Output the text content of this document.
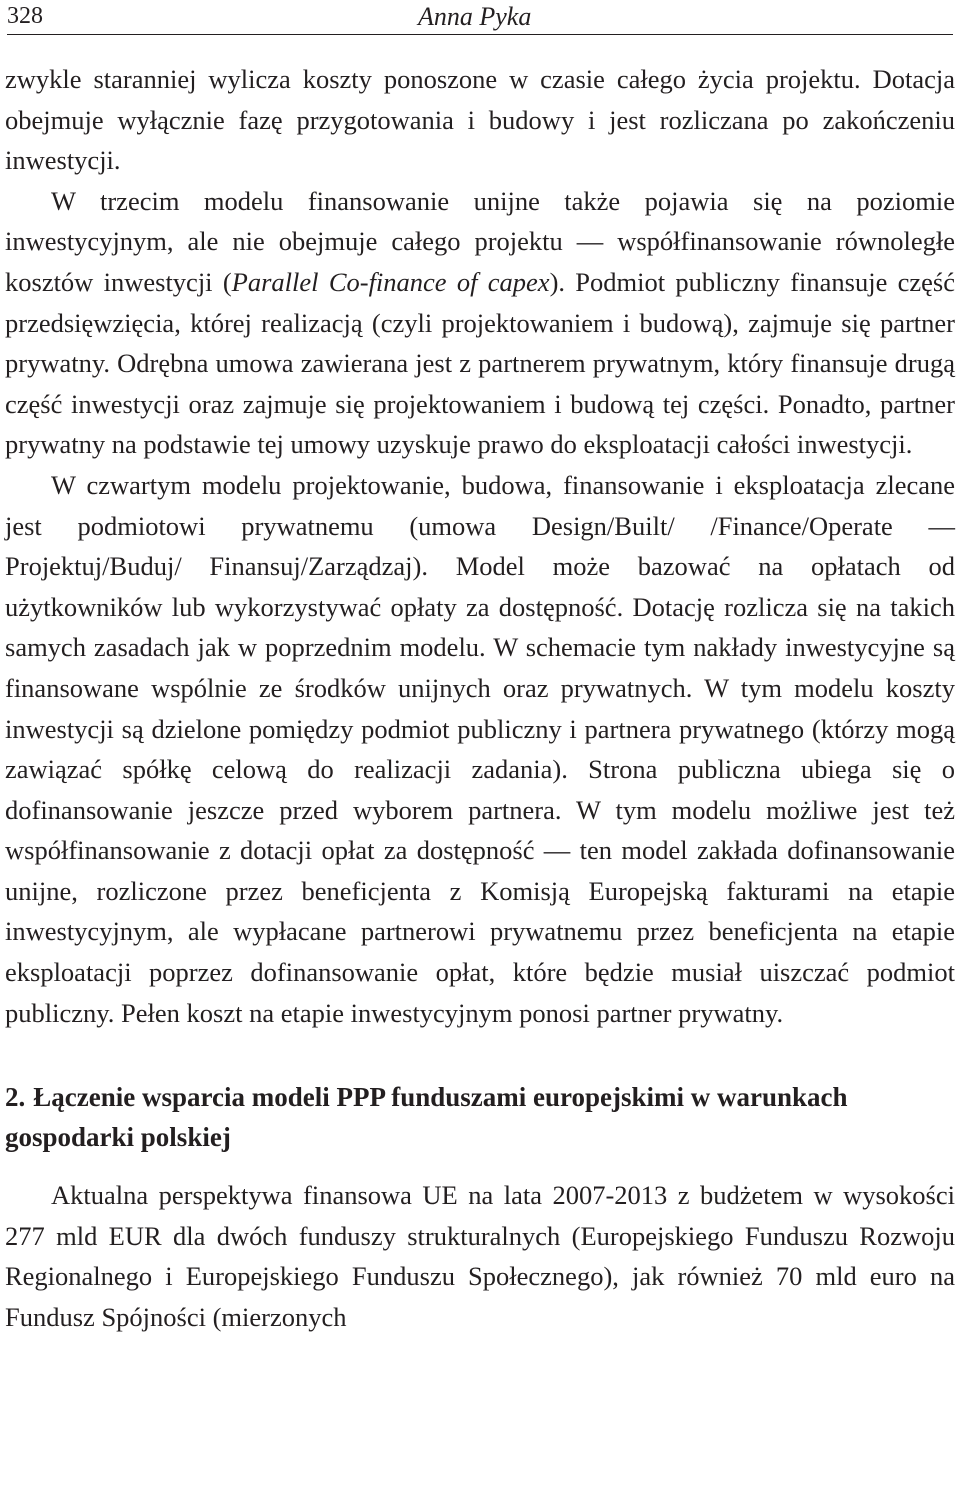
328	Anna Pyka

zwykle staranniej wylicza koszty ponoszone w czasie całego życia projektu. Dotacja obejmuje wyłącznie fazę przygotowania i budowy i jest rozliczana po zakończeniu inwestycji.

W trzecim modelu finansowanie unijne także pojawia się na poziomie inwestycyjnym, ale nie obejmuje całego projektu — współfinansowanie równoległe kosztów inwestycji (Parallel Co-finance of capex). Podmiot publiczny finansuje część przedsięwzięcia, której realizacją (czyli projektowaniem i budową), zajmuje się partner prywatny. Odrębna umowa zawierana jest z partnerem prywatnym, który finansuje drugą część inwestycji oraz zajmuje się projektowaniem i budową tej części. Ponadto, partner prywatny na podstawie tej umowy uzyskuje prawo do eksploatacji całości inwestycji.

W czwartym modelu projektowanie, budowa, finansowanie i eksploatacja zlecane jest podmiotowi prywatnemu (umowa Design/Built/ /Finance/Operate — Projektuj/Buduj/ Finansuj/Zarządzaj). Model może bazować na opłatach od użytkowników lub wykorzystywać opłaty za dostępność. Dotację rozlicza się na takich samych zasadach jak w poprzednim modelu. W schemacie tym nakłady inwestycyjne są finansowane wspólnie ze środków unijnych oraz prywatnych. W tym modelu koszty inwestycji są dzielone pomiędzy podmiot publiczny i partnera prywatnego (którzy mogą zawiązać spółkę celową do realizacji zadania). Strona publiczna ubiega się o dofinansowanie jeszcze przed wyborem partnera. W tym modelu możliwe jest też współfinansowanie z dotacji opłat za dostępność — ten model zakłada dofinansowanie unijne, rozliczone przez beneficjenta z Komisją Europejską fakturami na etapie inwestycyjnym, ale wypłacane partnerowi prywatnemu przez beneficjenta na etapie eksploatacji poprzez dofinansowanie opłat, które będzie musiał uiszczać podmiot publiczny. Pełen koszt na etapie inwestycyjnym ponosi partner prywatny.

2. Łączenie wsparcia modeli PPP funduszami europejskimi w warunkach gospodarki polskiej

Aktualna perspektywa finansowa UE na lata 2007-2013 z budżetem w wysokości 277 mld EUR dla dwóch funduszy strukturalnych (Europejskiego Funduszu Rozwoju Regionalnego i Europejskiego Funduszu Społecznego), jak również 70 mld euro na Fundusz Spójności (mierzonych
